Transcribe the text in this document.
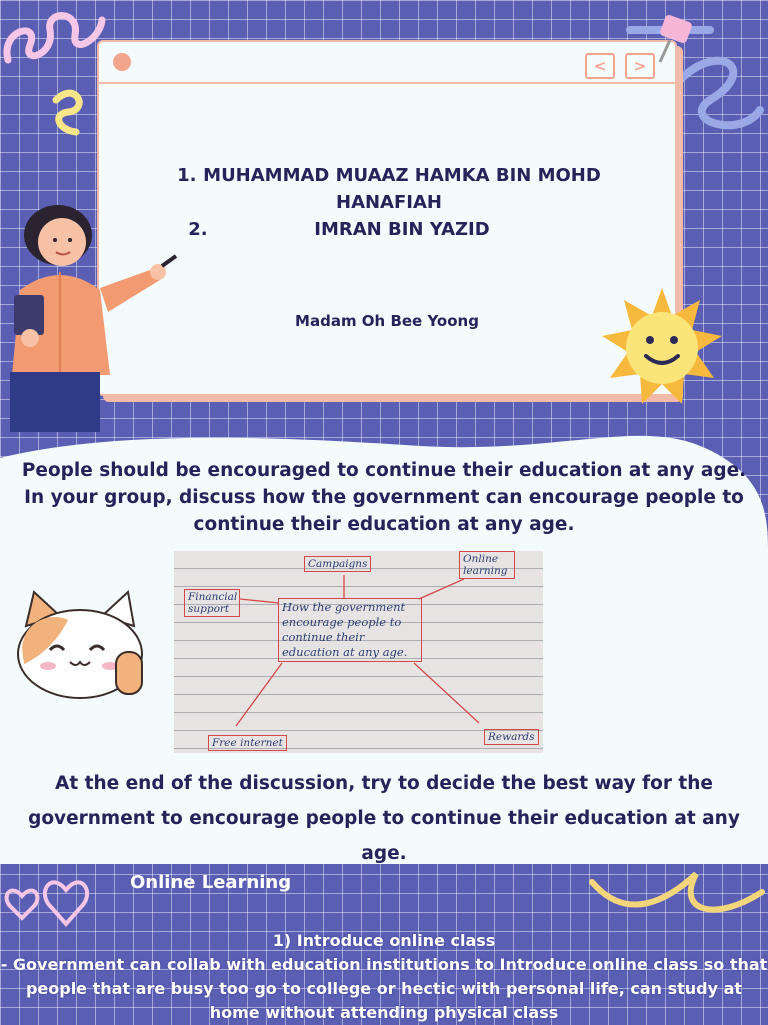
<	>
1. MUHAMMAD MUAAZ HAMKA BIN MOHD HANAFIAH
2.	IMRAN BIN YAZID
Madam Oh Bee Yoong
People should be encouraged to continue their education at any age. In your group, discuss how the government can encourage people to continue their education at any age.
Campaigns	Online learning
Financial support	How the government encourage people to continue their education at any age.
Free internet	Rewards
At the end of the discussion, try to decide the best way for the government to encourage people to continue their education at any age.
Online Learning
1) Introduce online class
- Government can collab with education institutions to Introduce online class so that people that are busy too go to college or hectic with personal life, can study at home without attending physical class
